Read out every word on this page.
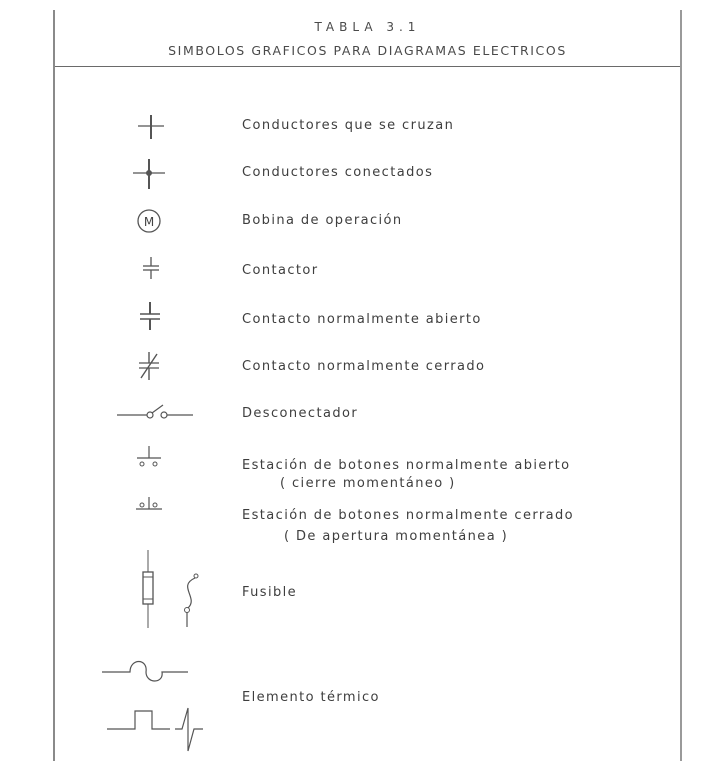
TABLA 3.1
SIMBOLOS GRAFICOS PARA DIAGRAMAS ELECTRICOS
Conductores que se cruzan
Conductores conectados
M	Bobina de operación
Contactor
Contacto normalmente abierto
Contacto normalmente cerrado
Desconectador
Estación de botones normalmente abierto
( cierre momentáneo )
Estación de botones normalmente cerrado
( De apertura momentánea )
Fusible
Elemento térmico
